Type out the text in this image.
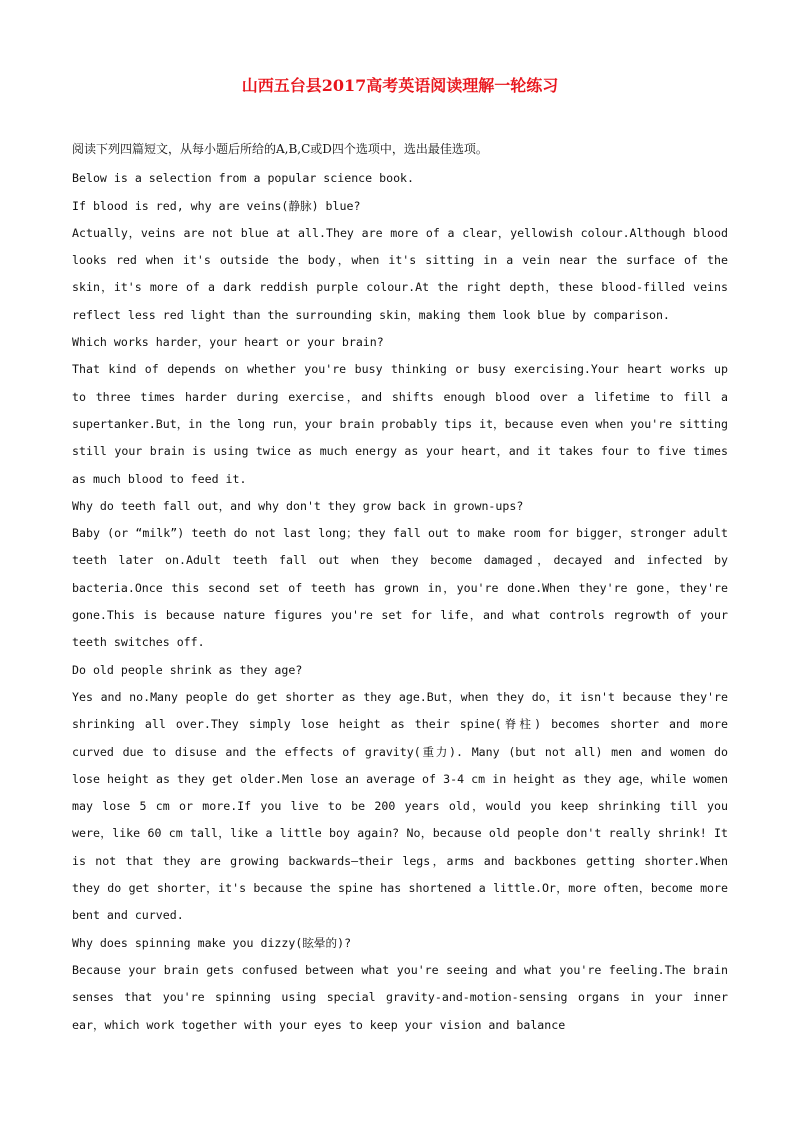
山西五台县2017高考英语阅读理解一轮练习

阅读下列四篇短文，从每小题后所给的A,B,C或D四个选项中，选出最佳选项。

Below is a selection from a popular science book.

If blood is red, why are veins(静脉) blue?

Actually，veins are not blue at all.They are more of a clear，yellowish colour.Although blood looks red when it's outside the body，when it's sitting in a vein near the surface of the skin，it's more of a dark reddish purple colour.At the right depth，these blood-filled veins reflect less red light than the surrounding skin，making them look blue by comparison.

Which works harder，your heart or your brain?

That kind of depends on whether you're busy thinking or busy exercising.Your heart works up to three times harder during exercise，and shifts enough blood over a lifetime to fill a supertanker.But，in the long run，your brain probably tips it，because even when you're sitting still your brain is using twice as much energy as your heart，and it takes four to five times as much blood to feed it.

Why do teeth fall out，and why don't they grow back in grown-ups?

Baby (or “milk”) teeth do not last long；they fall out to make room for bigger，stronger adult teeth later on.Adult teeth fall out when they become damaged，decayed and infected by bacteria.Once this second set of teeth has grown in，you're done.When they're gone，they're gone.This is because nature figures you're set for life，and what controls regrowth of your teeth switches off.

Do old people shrink as they age?

Yes and no.Many people do get shorter as they age.But，when they do，it isn't because they're shrinking all over.They simply lose height as their spine(脊柱) becomes shorter and more curved due to disuse and the effects of gravity(重力). Many (but not all) men and women do lose height as they get older.Men lose an average of 3-4 cm in height as they age，while women may lose 5 cm or more.If you live to be 200 years old，would you keep shrinking till you were，like 60 cm tall，like a little boy again? No，because old people don't really shrink! It is not that they are growing backwards—their legs，arms and backbones getting shorter.When they do get shorter，it's because the spine has shortened a little.Or，more often，become more bent and curved.

Why does spinning make you dizzy(眩晕的)?

Because your brain gets confused between what you're seeing and what you're feeling.The brain senses that you're spinning using special gravity-and-motion-sensing organs in your inner ear，which work together with your eyes to keep your vision and balance
